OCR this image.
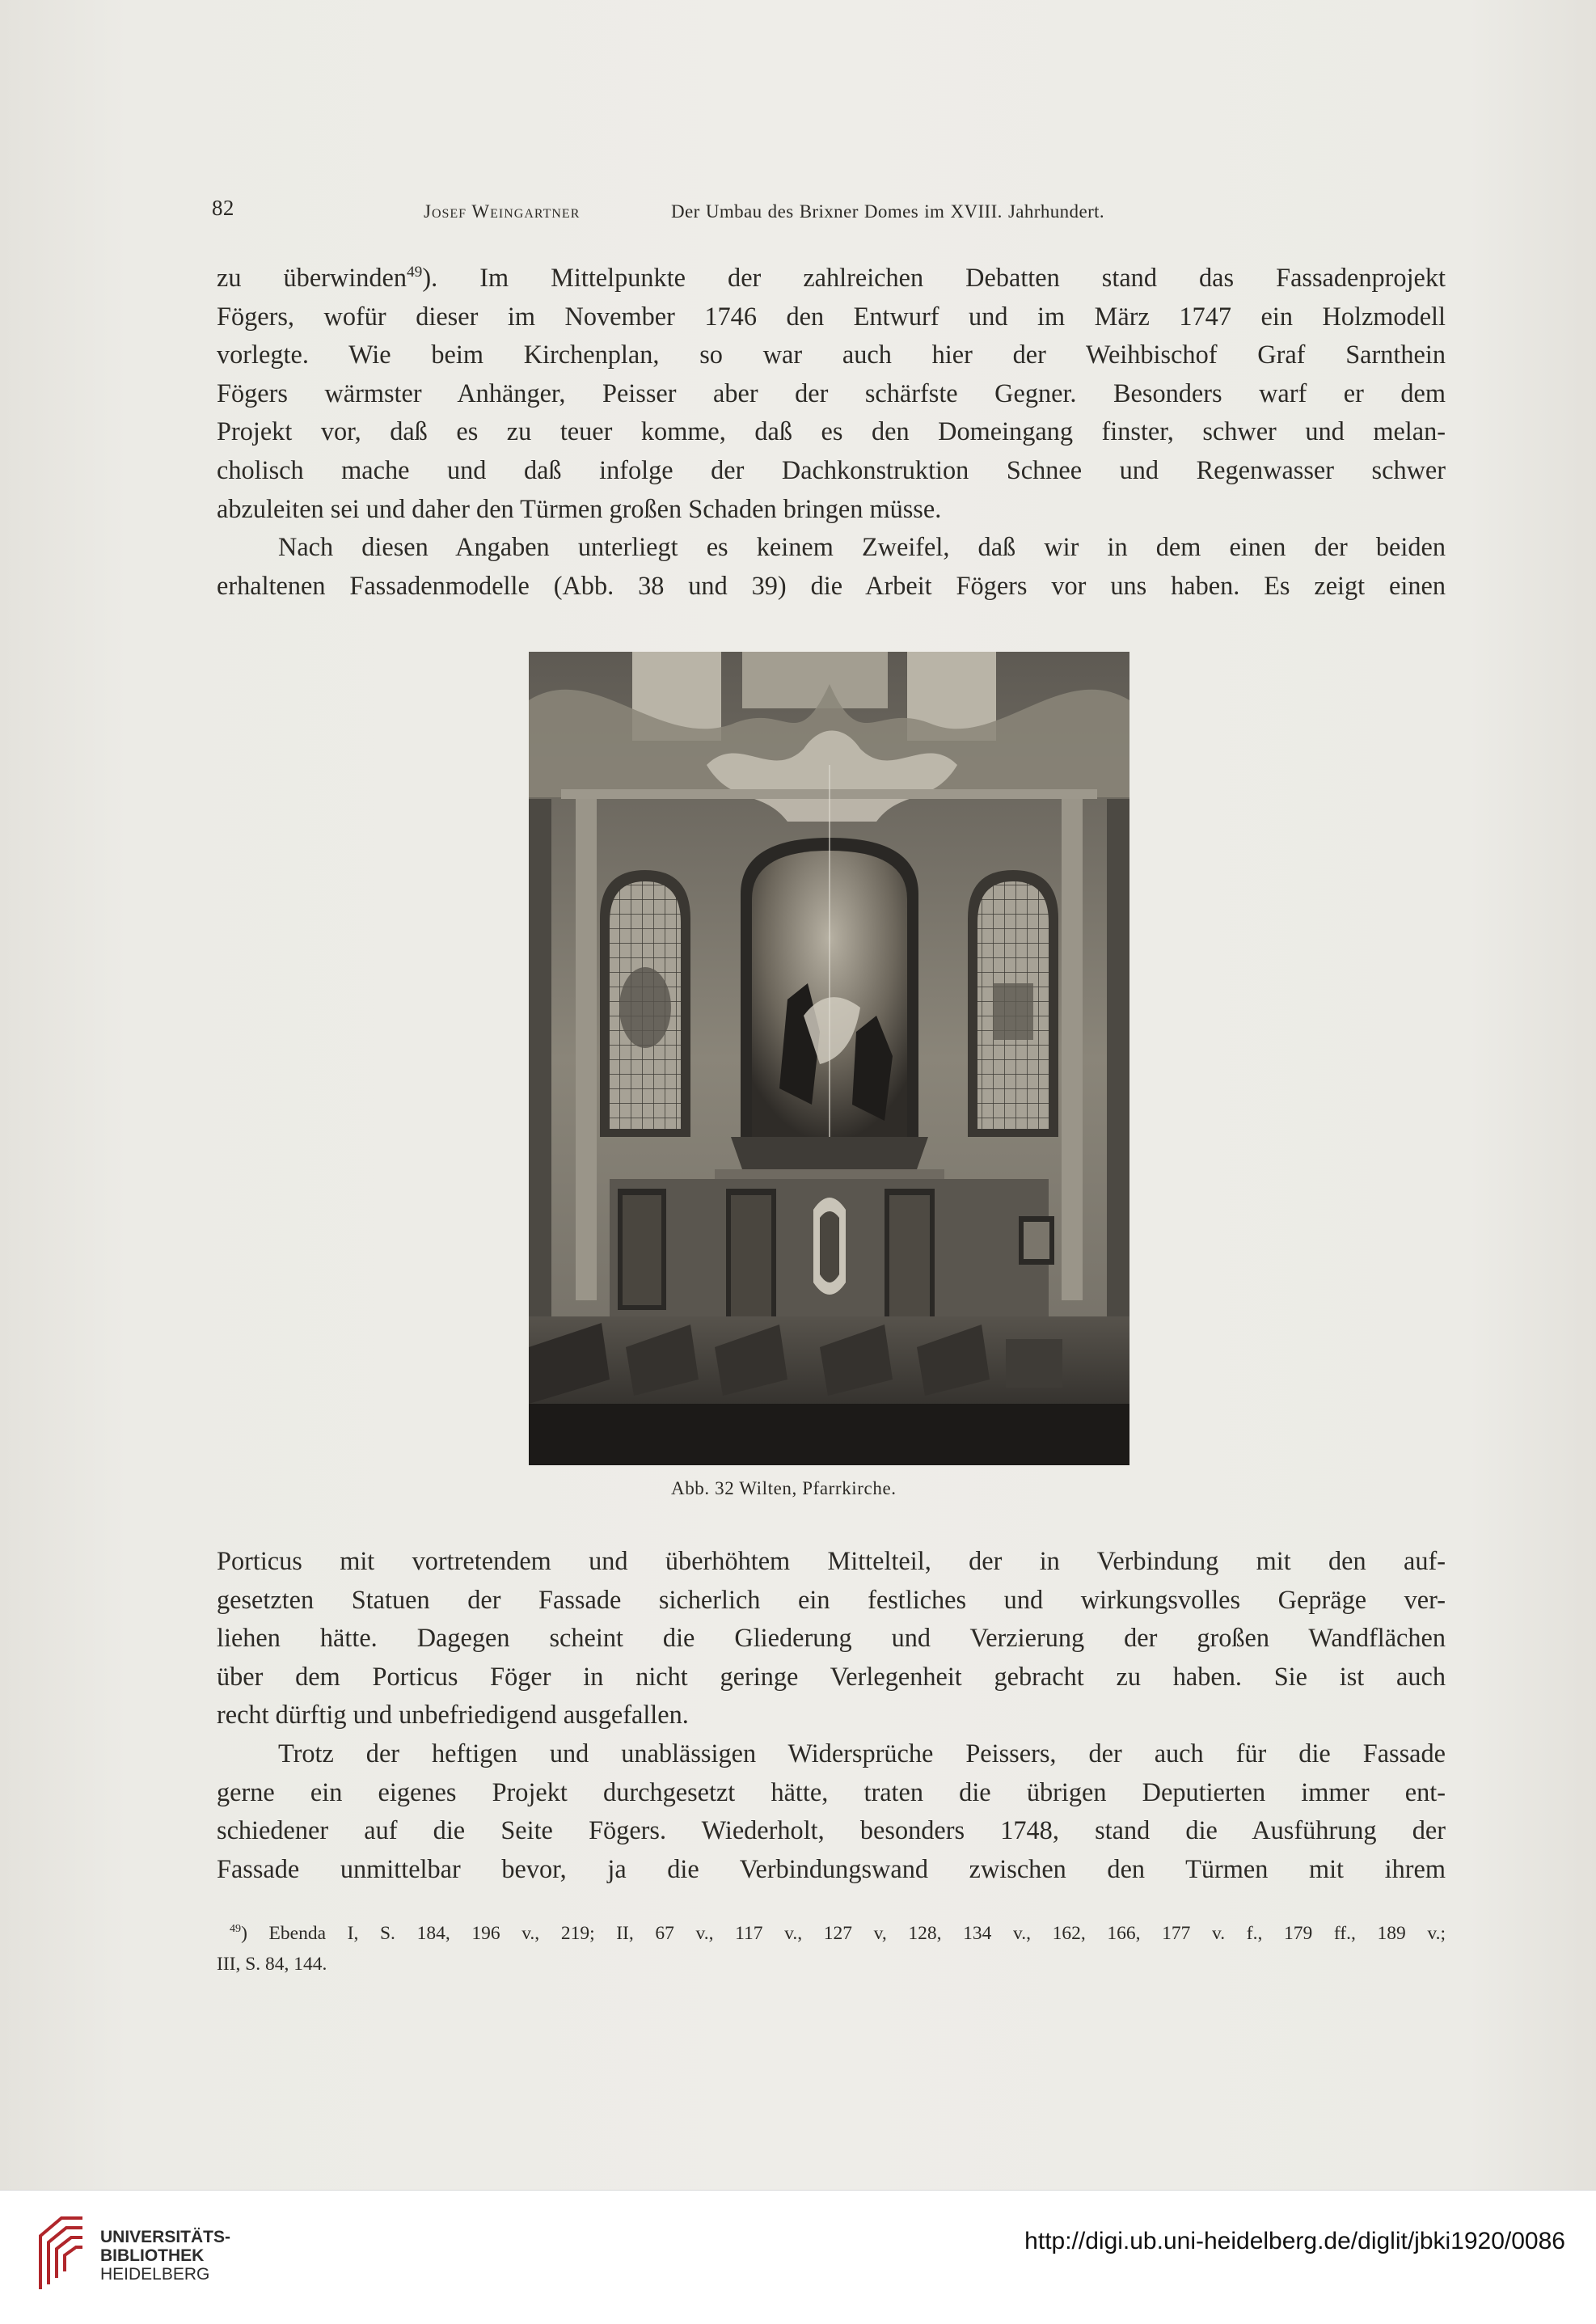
82	Josef Weingartner	Der Umbau des Brixner Domes im XVIII. Jahrhundert.
zu überwinden$^{49}$). Im Mittelpunkte der zahlreichen Debatten stand das Fassadenprojekt
Fögers, wofür dieser im November 1746 den Entwurf und im März 1747 ein Holzmodell
vorlegte. Wie beim Kirchenplan, so war auch hier der Weihbischof Graf Sarnthein
Fögers wärmster Anhänger, Peisser aber der schärfste Gegner. Besonders warf er dem
Projekt vor, daß es zu teuer komme, daß es den Domeingang finster, schwer und melan-
cholisch mache und daß infolge der Dachkonstruktion Schnee und Regenwasser schwer
abzuleiten sei und daher den Türmen großen Schaden bringen müsse.
Nach diesen Angaben unterliegt es keinem Zweifel, daß wir in dem einen der beiden
erhaltenen Fassadenmodelle (Abb. 38 und 39) die Arbeit Fögers vor uns haben. Es zeigt einen
Abb. 32 Wilten, Pfarrkirche.
Porticus mit vortretendem und überhöhtem Mittelteil, der in Verbindung mit den auf-
gesetzten Statuen der Fassade sicherlich ein festliches und wirkungsvolles Gepräge ver-
liehen hätte. Dagegen scheint die Gliederung und Verzierung der großen Wandflächen
über dem Porticus Föger in nicht geringe Verlegenheit gebracht zu haben. Sie ist auch
recht dürftig und unbefriedigend ausgefallen.
Trotz der heftigen und unablässigen Widersprüche Peissers, der auch für die Fassade
gerne ein eigenes Projekt durchgesetzt hätte, traten die übrigen Deputierten immer ent-
schiedener auf die Seite Fögers. Wiederholt, besonders 1748, stand die Ausführung der
Fassade unmittelbar bevor, ja die Verbindungswand zwischen den Türmen mit ihrem
$^{49}$) Ebenda I, S. 184, 196 v., 219; II, 67 v., 117 v., 127 v, 128, 134 v., 162, 166, 177 v. f., 179 ff., 189 v.;
III, S. 84, 144.
UNIVERSITÄTS-
BIBLIOTHEK
HEIDELBERG
http://digi.ub.uni-heidelberg.de/diglit/jbki1920/0086
